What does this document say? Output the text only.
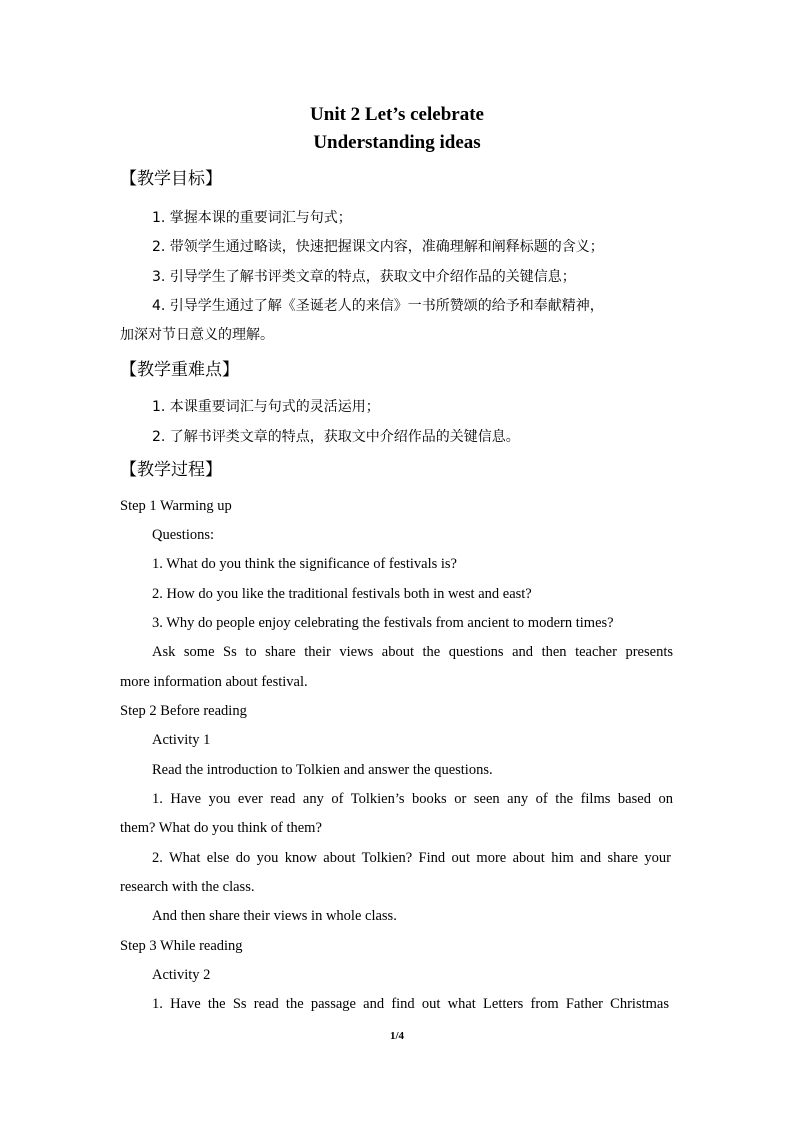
Unit 2 Let’s celebrate
Understanding ideas
【教学目标】
1. 掌握本课的重要词汇与句式；
2. 带领学生通过略读，快速把握课文内容，准确理解和阐释标题的含义；
3. 引导学生了解书评类文章的特点，获取文中介绍作品的关键信息；
4. 引导学生通过了解《圣诞老人的来信》一书所赞颂的给予和奉献精神，
加深对节日意义的理解。
【教学重难点】
1. 本课重要词汇与句式的灵活运用；
2. 了解书评类文章的特点，获取文中介绍作品的关键信息。
【教学过程】
Step 1 Warming up
Questions:
1. What do you think the significance of festivals is?
2. How do you like the traditional festivals both in west and east?
3. Why do people enjoy celebrating the festivals from ancient to modern times?
Ask some Ss to share their views about the questions and then teacher presents
more information about festival.
Step 2 Before reading
Activity 1
Read the introduction to Tolkien and answer the questions.
1. Have you ever read any of Tolkien’s books or seen any of the films based on
them? What do you think of them?
2. What else do you know about Tolkien? Find out more about him and share your
research with the class.
And then share their views in whole class.
Step 3 While reading
Activity 2
1. Have the Ss read the passage and find out what Letters from Father Christmas
1/4
